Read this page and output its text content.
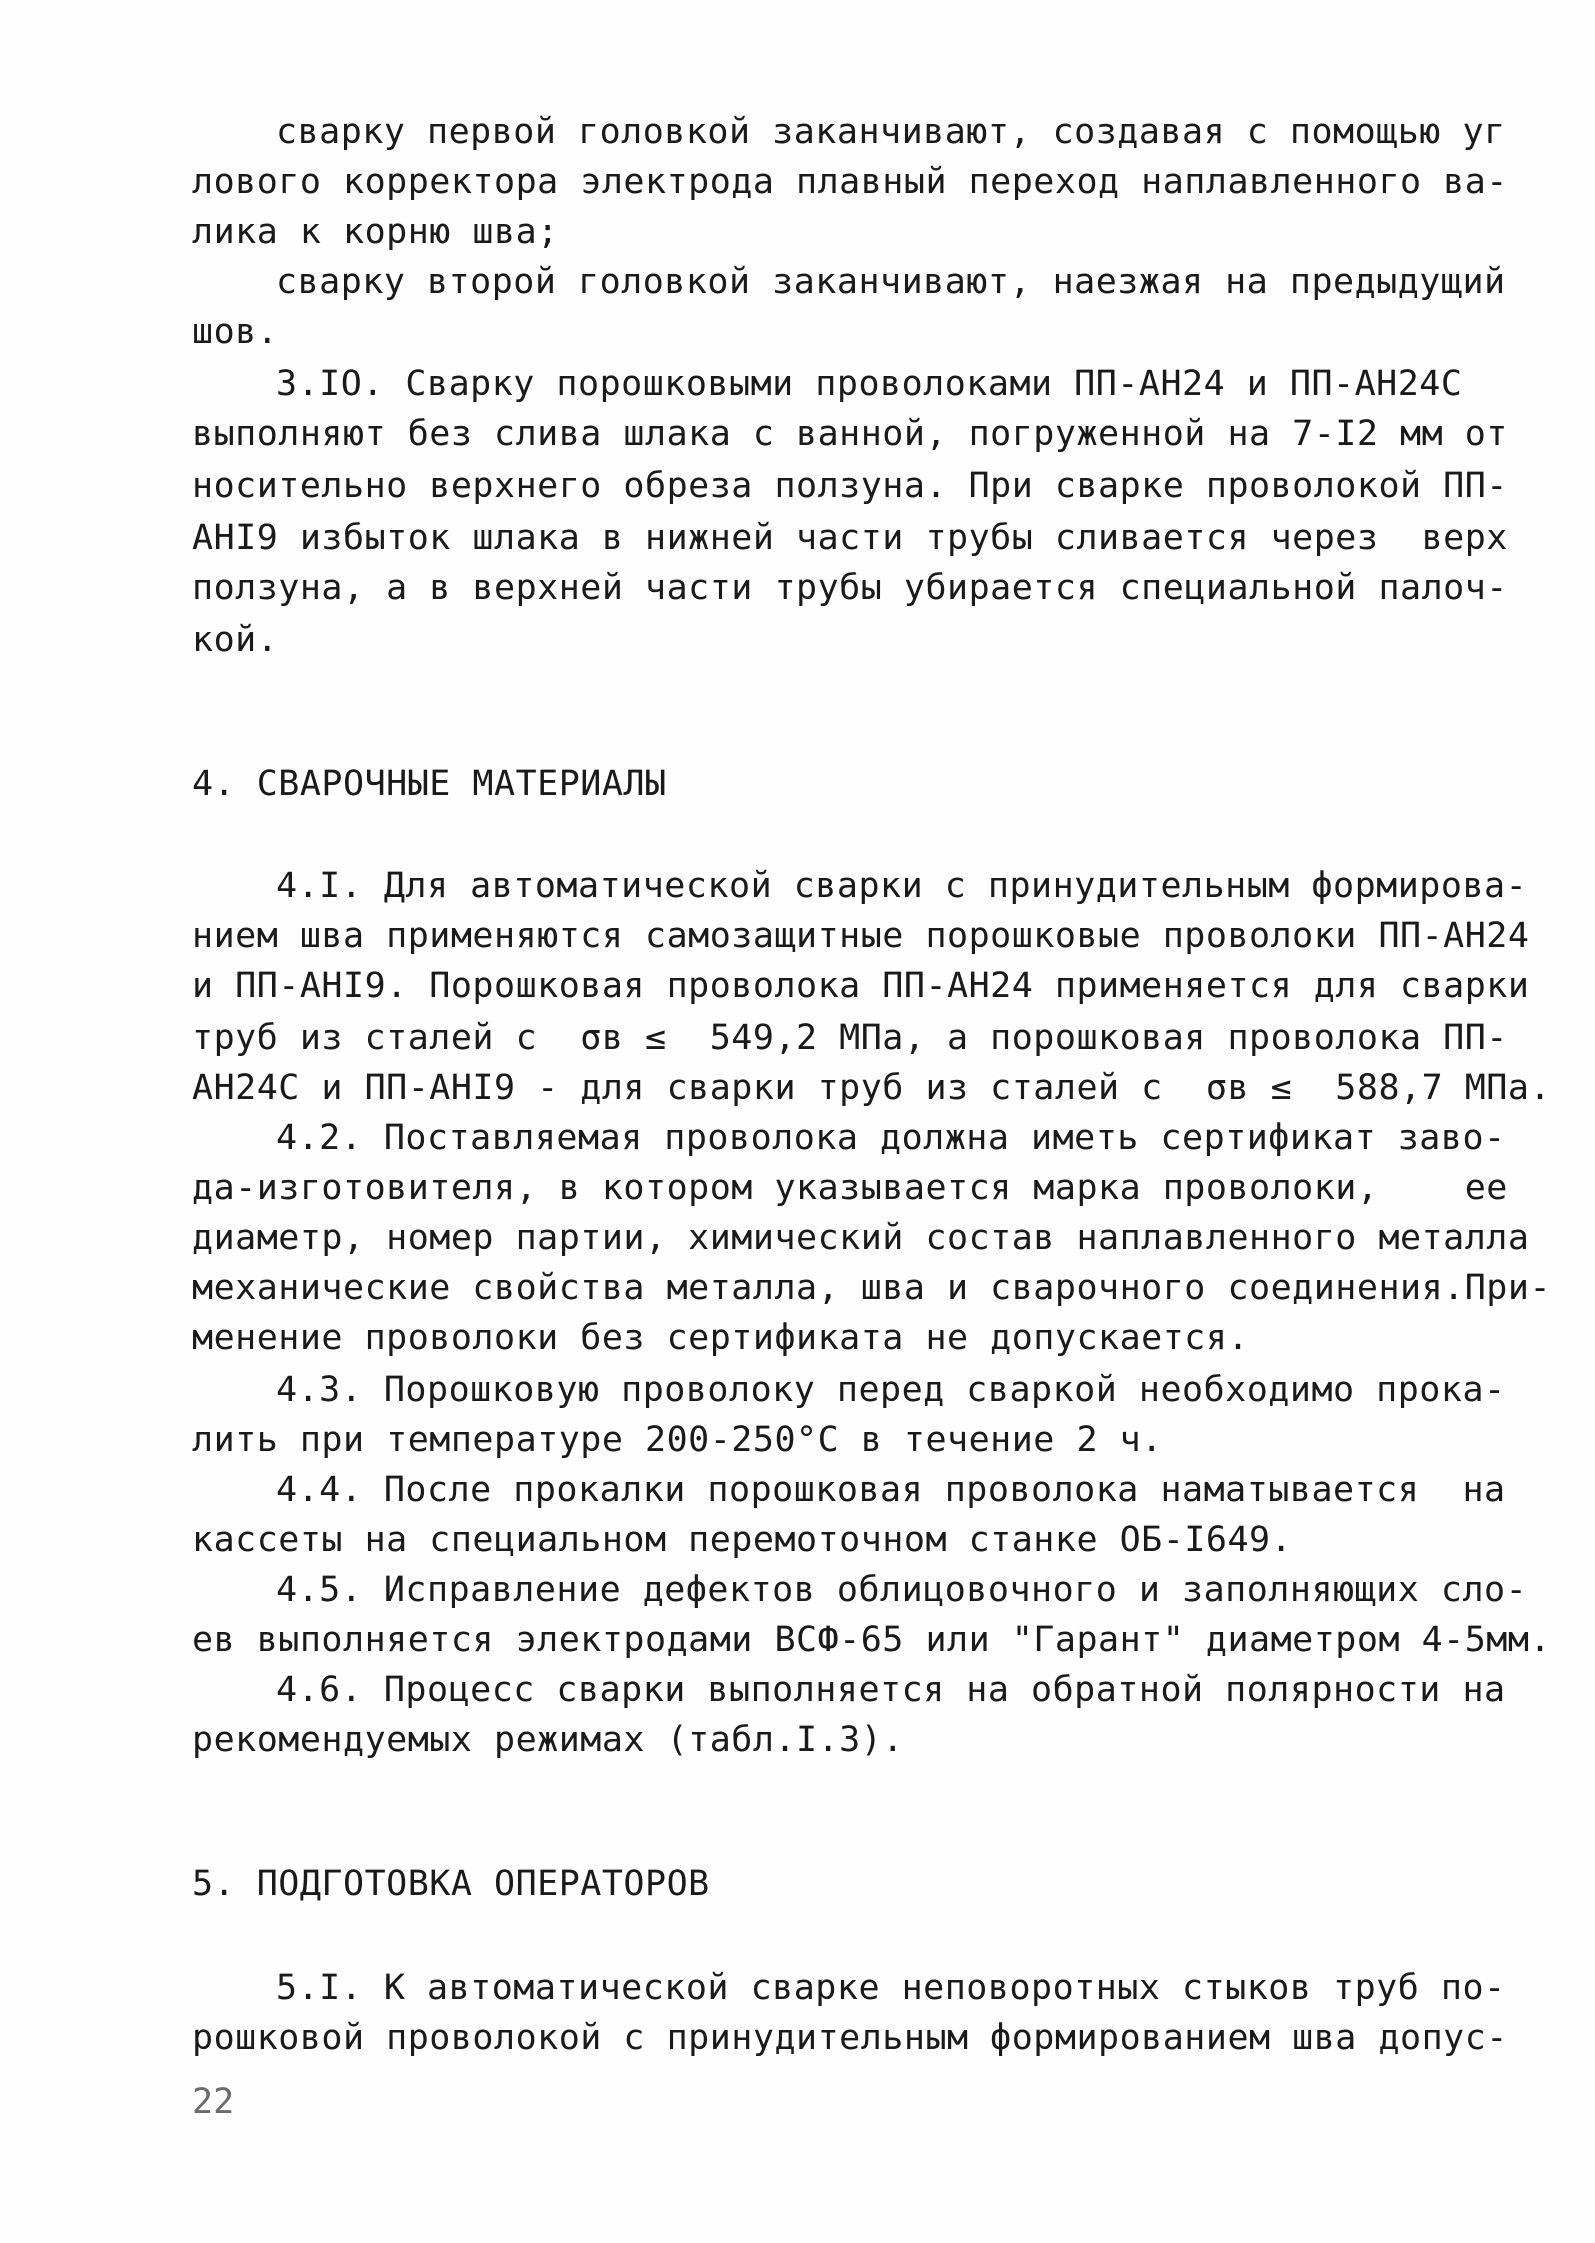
сварку первой головкой заканчивают, создавая с помощью уг
лового корректора электрода плавный переход наплавленного ва-
лика к корню шва;
сварку второй головкой заканчивают, наезжая на предыдущий
шов.
3.IO. Сварку порошковыми проволоками ПП-АН24 и ПП-АН24С
выполняют без слива шлака с ванной, погруженной на 7-I2 мм от
носительно верхнего обреза ползуна. При сварке проволокой ПП-
АНI9 избыток шлака в нижней части трубы сливается через  верх
ползуна, а в верхней части трубы убирается специальной палоч-
кой.
4. СВАРОЧНЫЕ МАТЕРИАЛЫ
4.I. Для автоматической сварки с принудительным формирова-
нием шва применяются самозащитные порошковые проволоки ПП-АН24
и ПП-АНI9. Порошковая проволока ПП-АН24 применяется для сварки
труб из сталей с  σв ≤  549,2 МПа, а порошковая проволока ПП-
АН24С и ПП-АНI9 - для сварки труб из сталей с  σв ≤  588,7 МПа.
4.2. Поставляемая проволока должна иметь сертификат заво-
да-изготовителя, в котором указывается марка проволоки,    ее
диаметр, номер партии, химический состав наплавленного металла
механические свойства металла, шва и сварочного соединения.При-
менение проволоки без сертификата не допускается.
4.3. Порошковую проволоку перед сваркой необходимо прока-
лить при температуре 200-250°С в течение 2 ч.
4.4. После прокалки порошковая проволока наматывается  на
кассеты на специальном перемоточном станке ОБ-I649.
4.5. Исправление дефектов облицовочного и заполняющих сло-
ев выполняется электродами ВСФ-65 или "Гарант" диаметром 4-5мм.
4.6. Процесс сварки выполняется на обратной полярности на
рекомендуемых режимах (табл.I.3).
5. ПОДГОТОВКА ОПЕРАТОРОВ
5.I. К автоматической сварке неповоротных стыков труб по-
рошковой проволокой с принудительным формированием шва допус-
22
